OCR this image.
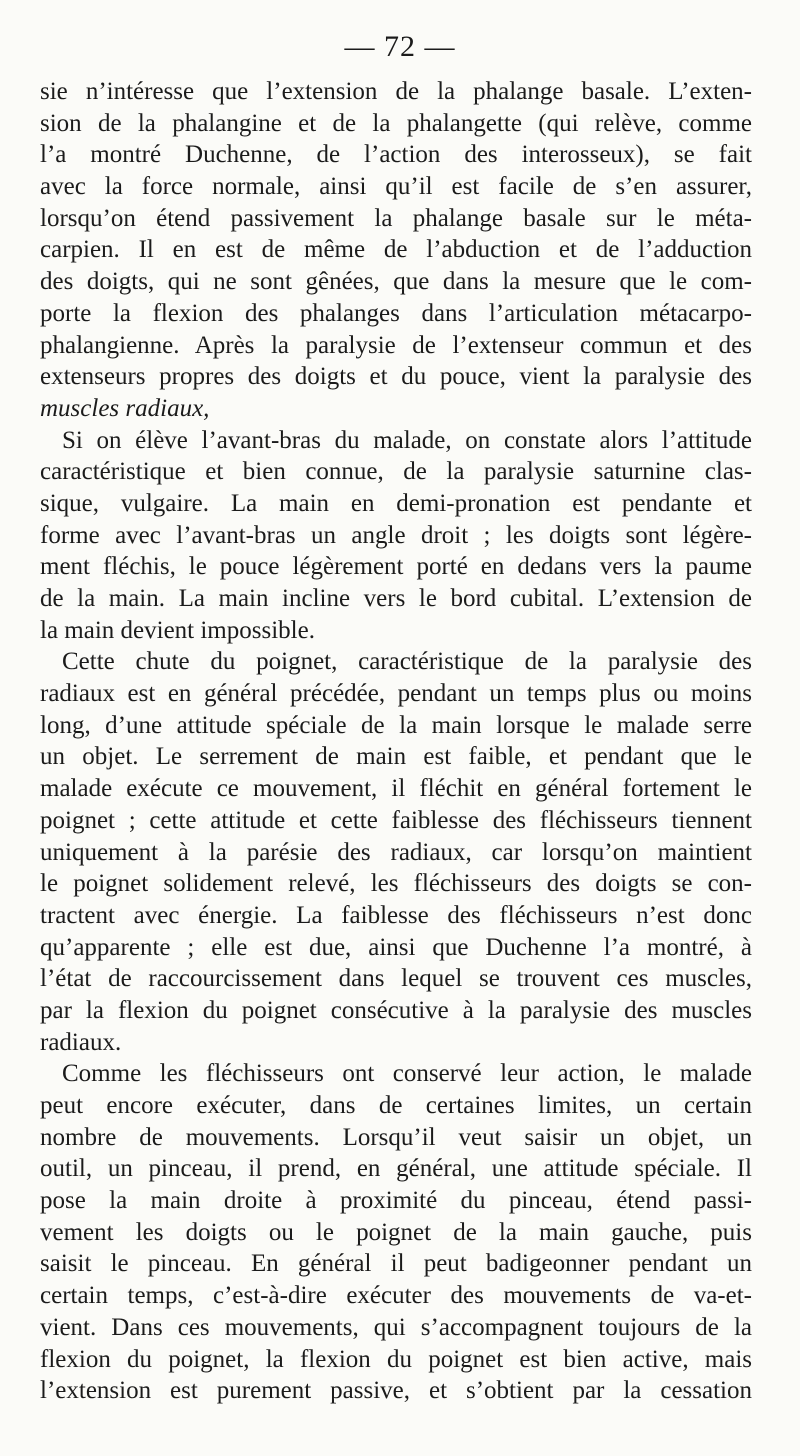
— 72 —
sie n’intéresse que l’extension de la phalange basale. L’exten-
sion de la phalangine et de la phalangette (qui relève, comme
l’a montré Duchenne, de l’action des interosseux), se fait
avec la force normale, ainsi qu’il est facile de s’en assurer,
lorsqu’on étend passivement la phalange basale sur le méta-
carpien. Il en est de même de l’abduction et de l’adduction
des doigts, qui ne sont gênées, que dans la mesure que le com-
porte la flexion des phalanges dans l’articulation métacarpo-
phalangienne. Après la paralysie de l’extenseur commun et des
extenseurs propres des doigts et du pouce, vient la paralysie des
muscles radiaux,
Si on élève l’avant-bras du malade, on constate alors l’attitude
caractéristique et bien connue, de la paralysie saturnine clas-
sique, vulgaire. La main en demi-pronation est pendante et
forme avec l’avant-bras un angle droit ; les doigts sont légère-
ment fléchis, le pouce légèrement porté en dedans vers la paume
de la main. La main incline vers le bord cubital. L’extension de
la main devient impossible.
Cette chute du poignet, caractéristique de la paralysie des
radiaux est en général précédée, pendant un temps plus ou moins
long, d’une attitude spéciale de la main lorsque le malade serre
un objet. Le serrement de main est faible, et pendant que le
malade exécute ce mouvement, il fléchit en général fortement le
poignet ; cette attitude et cette faiblesse des fléchisseurs tiennent
uniquement à la parésie des radiaux, car lorsqu’on maintient
le poignet solidement relevé, les fléchisseurs des doigts se con-
tractent avec énergie. La faiblesse des fléchisseurs n’est donc
qu’apparente ; elle est due, ainsi que Duchenne l’a montré, à
l’état de raccourcissement dans lequel se trouvent ces muscles,
par la flexion du poignet consécutive à la paralysie des muscles
radiaux.
Comme les fléchisseurs ont conservé leur action, le malade
peut encore exécuter, dans de certaines limites, un certain
nombre de mouvements. Lorsqu’il veut saisir un objet, un
outil, un pinceau, il prend, en général, une attitude spéciale. Il
pose la main droite à proximité du pinceau, étend passi-
vement les doigts ou le poignet de la main gauche, puis
saisit le pinceau. En général il peut badigeonner pendant un
certain temps, c’est-à-dire exécuter des mouvements de va-et-
vient. Dans ces mouvements, qui s’accompagnent toujours de la
flexion du poignet, la flexion du poignet est bien active, mais
l’extension est purement passive, et s’obtient par la cessation
